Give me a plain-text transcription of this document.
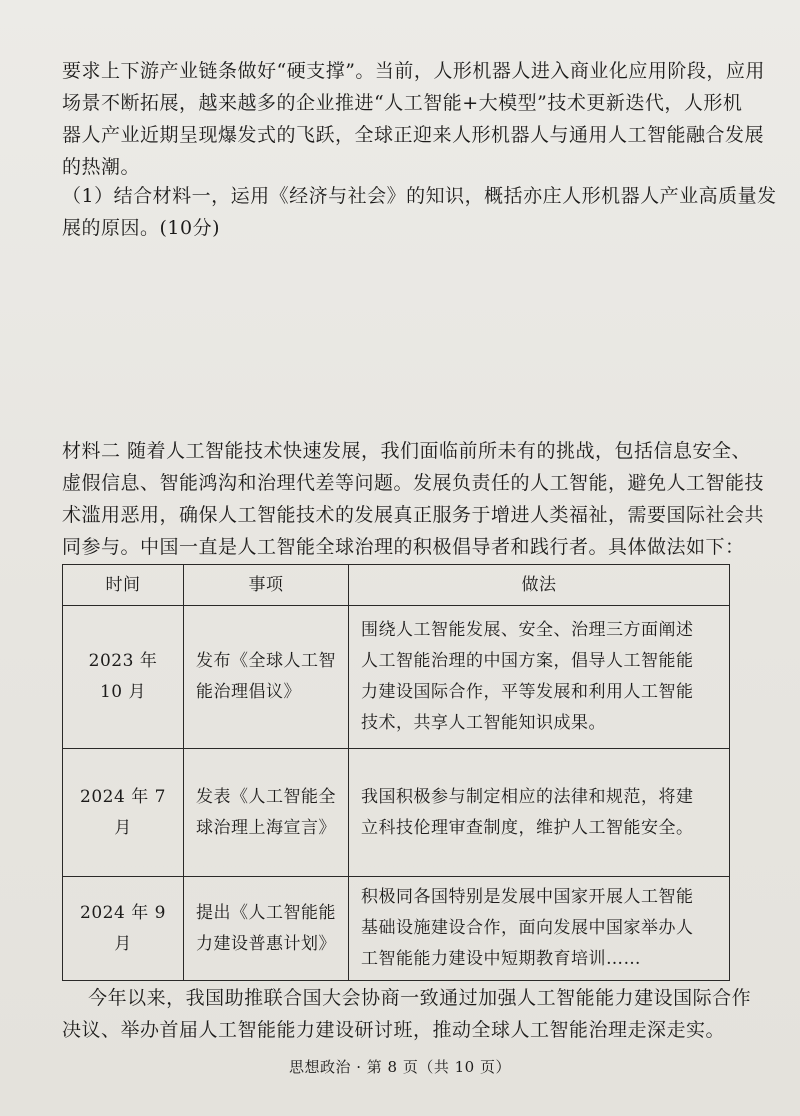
要求上下游产业链条做好“硬支撑”。当前，人形机器人进入商业化应用阶段，应用
场景不断拓展，越来越多的企业推进“人工智能+大模型”技术更新迭代，人形机
器人产业近期呈现爆发式的飞跃，全球正迎来人形机器人与通用人工智能融合发展
的热潮。
（1）结合材料一，运用《经济与社会》的知识，概括亦庄人形机器人产业高质量发
展的原因。(10分)
材料二 随着人工智能技术快速发展，我们面临前所未有的挑战，包括信息安全、
虚假信息、智能鸿沟和治理代差等问题。发展负责任的人工智能，避免人工智能技
术滥用恶用，确保人工智能技术的发展真正服务于增进人类福祉，需要国际社会共
同参与。中国一直是人工智能全球治理的积极倡导者和践行者。具体做法如下：
时间	事项	做法
2023 年 10 月	发布《全球人工智
能治理倡议》	围绕人工智能发展、安全、治理三方面阐述
人工智能治理的中国方案，倡导人工智能能
力建设国际合作，平等发展和利用人工智能
技术，共享人工智能知识成果。

2024 年 7 月	发表《人工智能全
球治理上海宣言》	我国积极参与制定相应的法律和规范，将建
立科技伦理审查制度，维护人工智能安全。

2024 年 9 月	提出《人工智能能
力建设普惠计划》	积极同各国特别是发展中国家开展人工智能
基础设施建设合作，面向发展中国家举办人
工智能能力建设中短期教育培训……
今年以来，我国助推联合国大会协商一致通过加强人工智能能力建设国际合作
决议、举办首届人工智能能力建设研讨班，推动全球人工智能治理走深走实。
思想政治 · 第 8 页（共 10 页）
